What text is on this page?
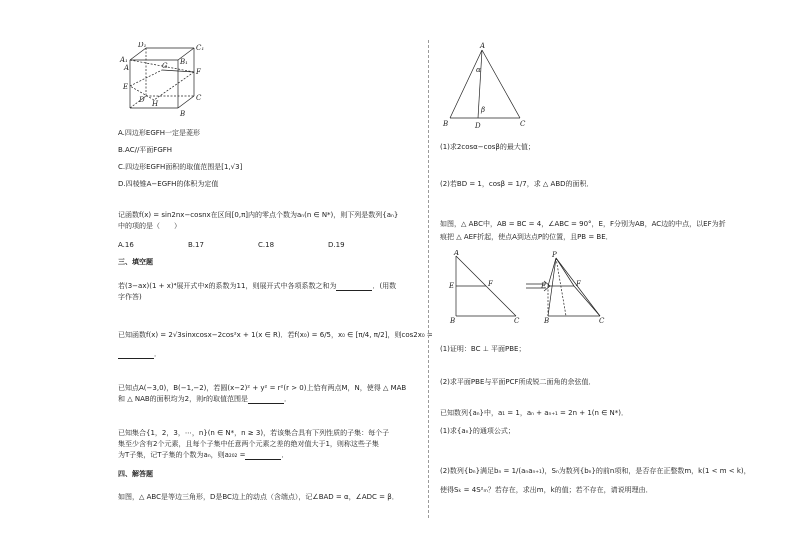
D₁	C₁
A₁	B₁
A
E
F
G
H
D	C
B
A.四边形EGFH一定是菱形
B.AC//平面FGFH
C.四边形EGFH面积的取值范围是[1,√3]
D.四棱锥A−EGFH的体积为定值
记函数f(x) = sin2nx−cosnx在区间[0,π]内的零点个数为aₙ(n ∈ N*)，则下列是数列{aₙ}
中的项的是（　　）
A.16	B.17	C.18	D.19
三、填空题
若(3−ax)(1 + x)⁴展开式中x的系数为11，则展开式中各项系数之和为	．(用数
字作答)
已知函数f(x) = 2√3sinxcosx−2cos²x + 1(x ∈ R)．若f(x₀) = 6/5，x₀ ∈ [π/4, π/2]，则cos2x₀ =
．
已知点A(−3,0)，B(−1,−2)，若圆(x−2)² + y² = r²(r > 0)上恰有两点M，N，使得 △ MAB
和 △ NAB的面积均为2，则r的取值范围是	．
已知集合{1，2，3，⋯，n}(n ∈ N*，n ≥ 3)，若该集合具有下列性质的子集：每个子
集至少含有2个元素，且每个子集中任意两个元素之差的绝对值大于1，则称这些子集
为T子集，记T子集的个数为aₙ，则a₂₀₂ =	．
四、解答题
如图，△ ABC是等边三角形，D是BC边上的动点（含端点），记∠BAD = α，∠ADC = β．
A
α
β
B	D	C
(1)求2cosα−cosβ的最大值；
(2)若BD = 1，cosβ = 1/7，求 △ ABD的面积．
如图，△ ABC中，AB = BC = 4，∠ABC = 90°，E，F分别为AB，AC边的中点，以EF为折
痕把 △ AEF折起，使点A到达点P的位置，且PB = BE．
A
E	F
B	C
P
E	F
B	C
(1)证明：BC ⊥ 平面PBE；
(2)求平面PBE与平面PCF所成锐二面角的余弦值．
已知数列{aₙ}中，a₁ = 1，aₙ + aₙ₊₁ = 2n + 1(n ∈ N*)．
(1)求{aₙ}的通项公式；
(2)数列{bₙ}满足bₙ = 1/(aₙaₙ₊₁)，Sₙ为数列{bₙ}的前n项和，是否存在正整数m，k(1 < m < k)，
使得Sₖ = 4S²ₘ？若存在，求出m，k的值；若不存在，请说明理由．
